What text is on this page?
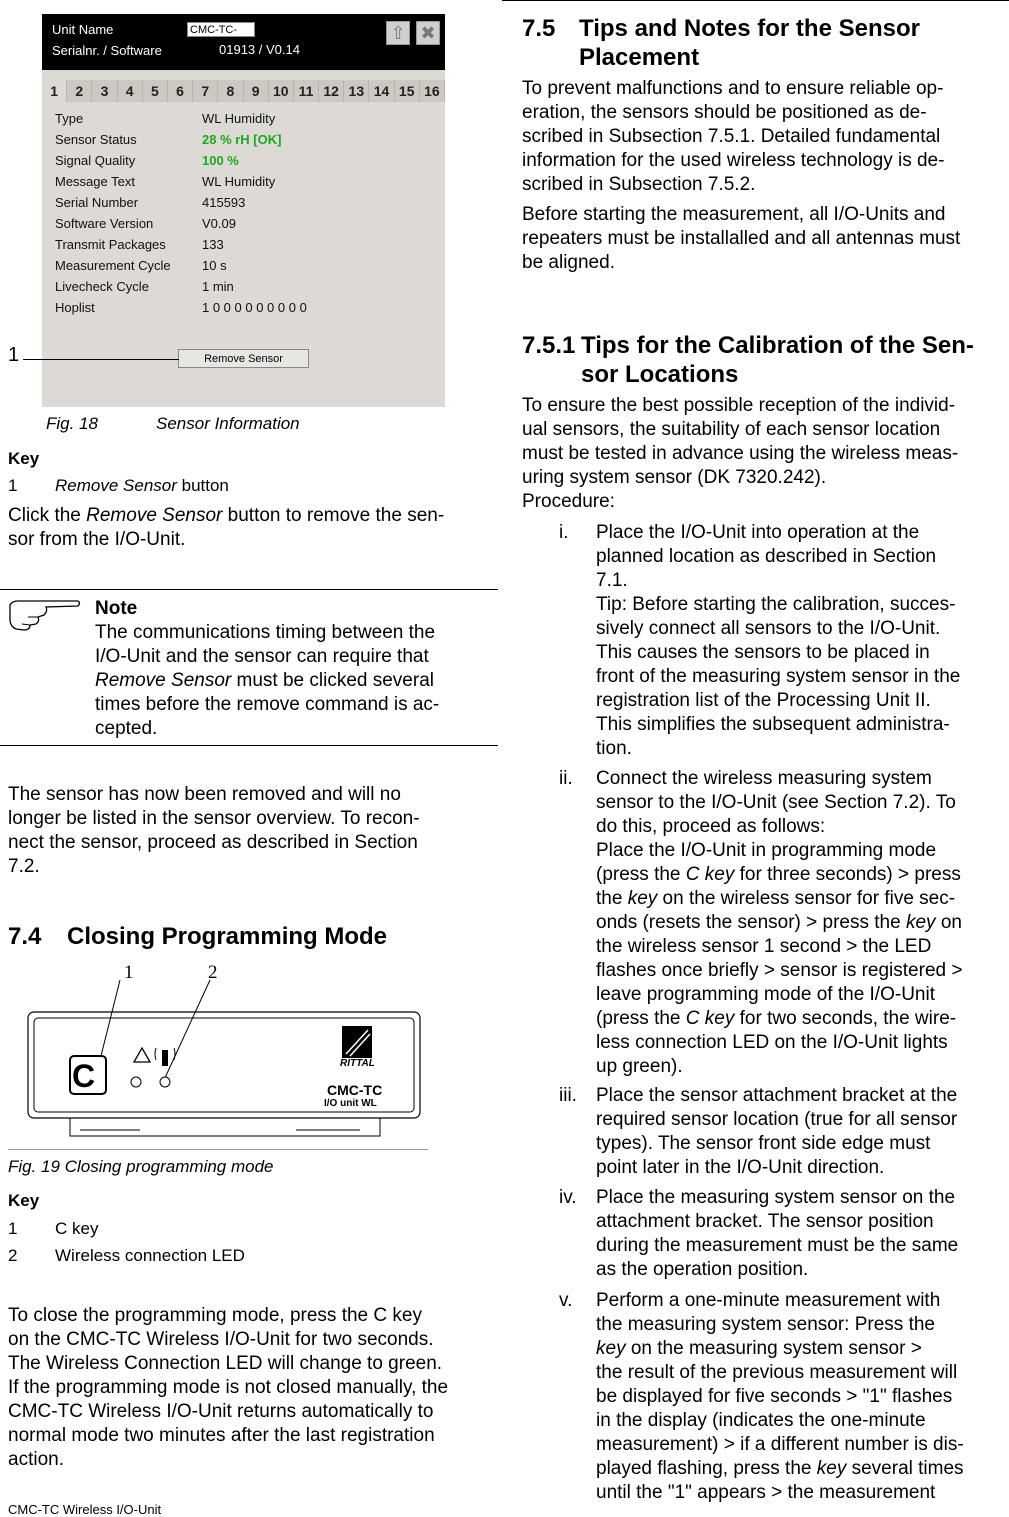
Unit Name	CMC-TC-IOW
Serialnr. / Software	01913 / V0.14
⇧ ✖
1	2	3	4	5	6	7	8	9 10 11 12 13 14 15 16
Type	WL Humidity
Sensor Status	28 % rH [OK]
Signal Quality	100 %
Message Text	WL Humidity
Serial Number	415593
Software Version	V0.09
Transmit Packages	133
Measurement Cycle 10 s
Livecheck Cycle	1 min
Hoplist	1 0 0 0 0 0 0 0 0 0
Remove Sensor
1
Fig. 18	Sensor Information
Key
1 Remove Sensor button

Click the Remove Sensor button to remove the sen-

sor from the I/O-Unit.

Note

The communications timing between the

I/O-Unit and the sensor can require that

Remove Sensor must be clicked several

times before the remove command is ac-

cepted.

The sensor has now been removed and will no

longer be listed in the sensor overview. To recon-

nect the sensor, proceed as described in Section

7.2.

7.4 Closing Programming Mode
1	2
C	RITTAL
CMC-TC
I/O unit WL
Fig. 19 Closing programming mode
Key
1 C key
2 Wireless connection LED

To close the programming mode, press the C key

on the CMC-TC Wireless I/O-Unit for two seconds.

The Wireless Connection LED will change to green.

If the programming mode is not closed manually, the

CMC-TC Wireless I/O-Unit returns automatically to

normal mode two minutes after the last registration

action.

CMC-TC Wireless I/O-Unit
7.5 Tips and Notes for the Sensor
Placement

To prevent malfunctions and to ensure reliable op-

eration, the sensors should be positioned as de-

scribed in Subsection 7.5.1. Detailed fundamental

information for the used wireless technology is de-

scribed in Subsection 7.5.2.

Before starting the measurement, all I/O-Units and

repeaters must be installalled and all antennas must

be aligned.

7.5.1 Tips for the Calibration of the Sen-
sor Locations

To ensure the best possible reception of the individ-

ual sensors, the suitability of each sensor location

must be tested in advance using the wireless meas-

uring system sensor (DK 7320.242).

Procedure:

i. Place the I/O-Unit into operation at the

planned location as described in Section

7.1.

Tip: Before starting the calibration, succes-

sively connect all sensors to the I/O-Unit.

This causes the sensors to be placed in

front of the measuring system sensor in the

registration list of the Processing Unit II.

This simplifies the subsequent administra-

tion.

ii. Connect the wireless measuring system

sensor to the I/O-Unit (see Section 7.2). To

do this, proceed as follows:

Place the I/O-Unit in programming mode

(press the C key for three seconds) > press

the key on the wireless sensor for five sec-

onds (resets the sensor) > press the key on

the wireless sensor 1 second > the LED

flashes once briefly > sensor is registered >

leave programming mode of the I/O-Unit

(press the C key for two seconds, the wire-

less connection LED on the I/O-Unit lights

up green).

iii. Place the sensor attachment bracket at the

required sensor location (true for all sensor

types). The sensor front side edge must

point later in the I/O-Unit direction.

iv. Place the measuring system sensor on the

attachment bracket. The sensor position

during the measurement must be the same

as the operation position.

v. Perform a one-minute measurement with

the measuring system sensor: Press the

key on the measuring system sensor >

the result of the previous measurement will

be displayed for five seconds > "1" flashes

in the display (indicates the one-minute

measurement) > if a different number is dis-

played flashing, press the key several times

until the "1" appears > the measurement
